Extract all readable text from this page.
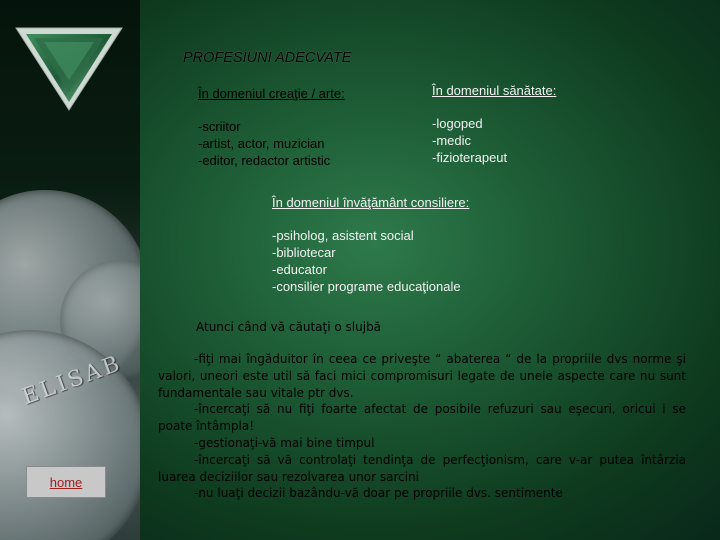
ELISAB
PROFESIUNI ADECVATE
În domeniul creaţie / arte:
-scriitor
-artist, actor, muzician
-editor, redactor artistic
În domeniul sănătate:
-logoped
-medic
-fizioterapeut
În domeniul învăţământ consiliere:
-psiholog, asistent social
-bibliotecar
-educator
-consilier programe educaţionale
Atunci când vă căutaţi o slujbă

-fiţi mai îngăduitor în ceea ce priveşte “ abaterea “ de la propriile dvs norme şi valori, uneori este util să faci mici compromisuri legate de unele aspecte care nu sunt fundamentale sau vitale ptr dvs.

-încercaţi să nu fiţi foarte afectat de posibile refuzuri sau eşecuri, oricui i se poate întâmpla!

-gestionaţi-vă mai bine timpul

-încercaţi să vă controlaţi tendinţa de perfecţionism, care v-ar putea întârzia luarea deciziilor sau rezolvarea unor sarcini

-nu luaţi decizii bazându-vă doar pe propriile dvs. sentimente

home
